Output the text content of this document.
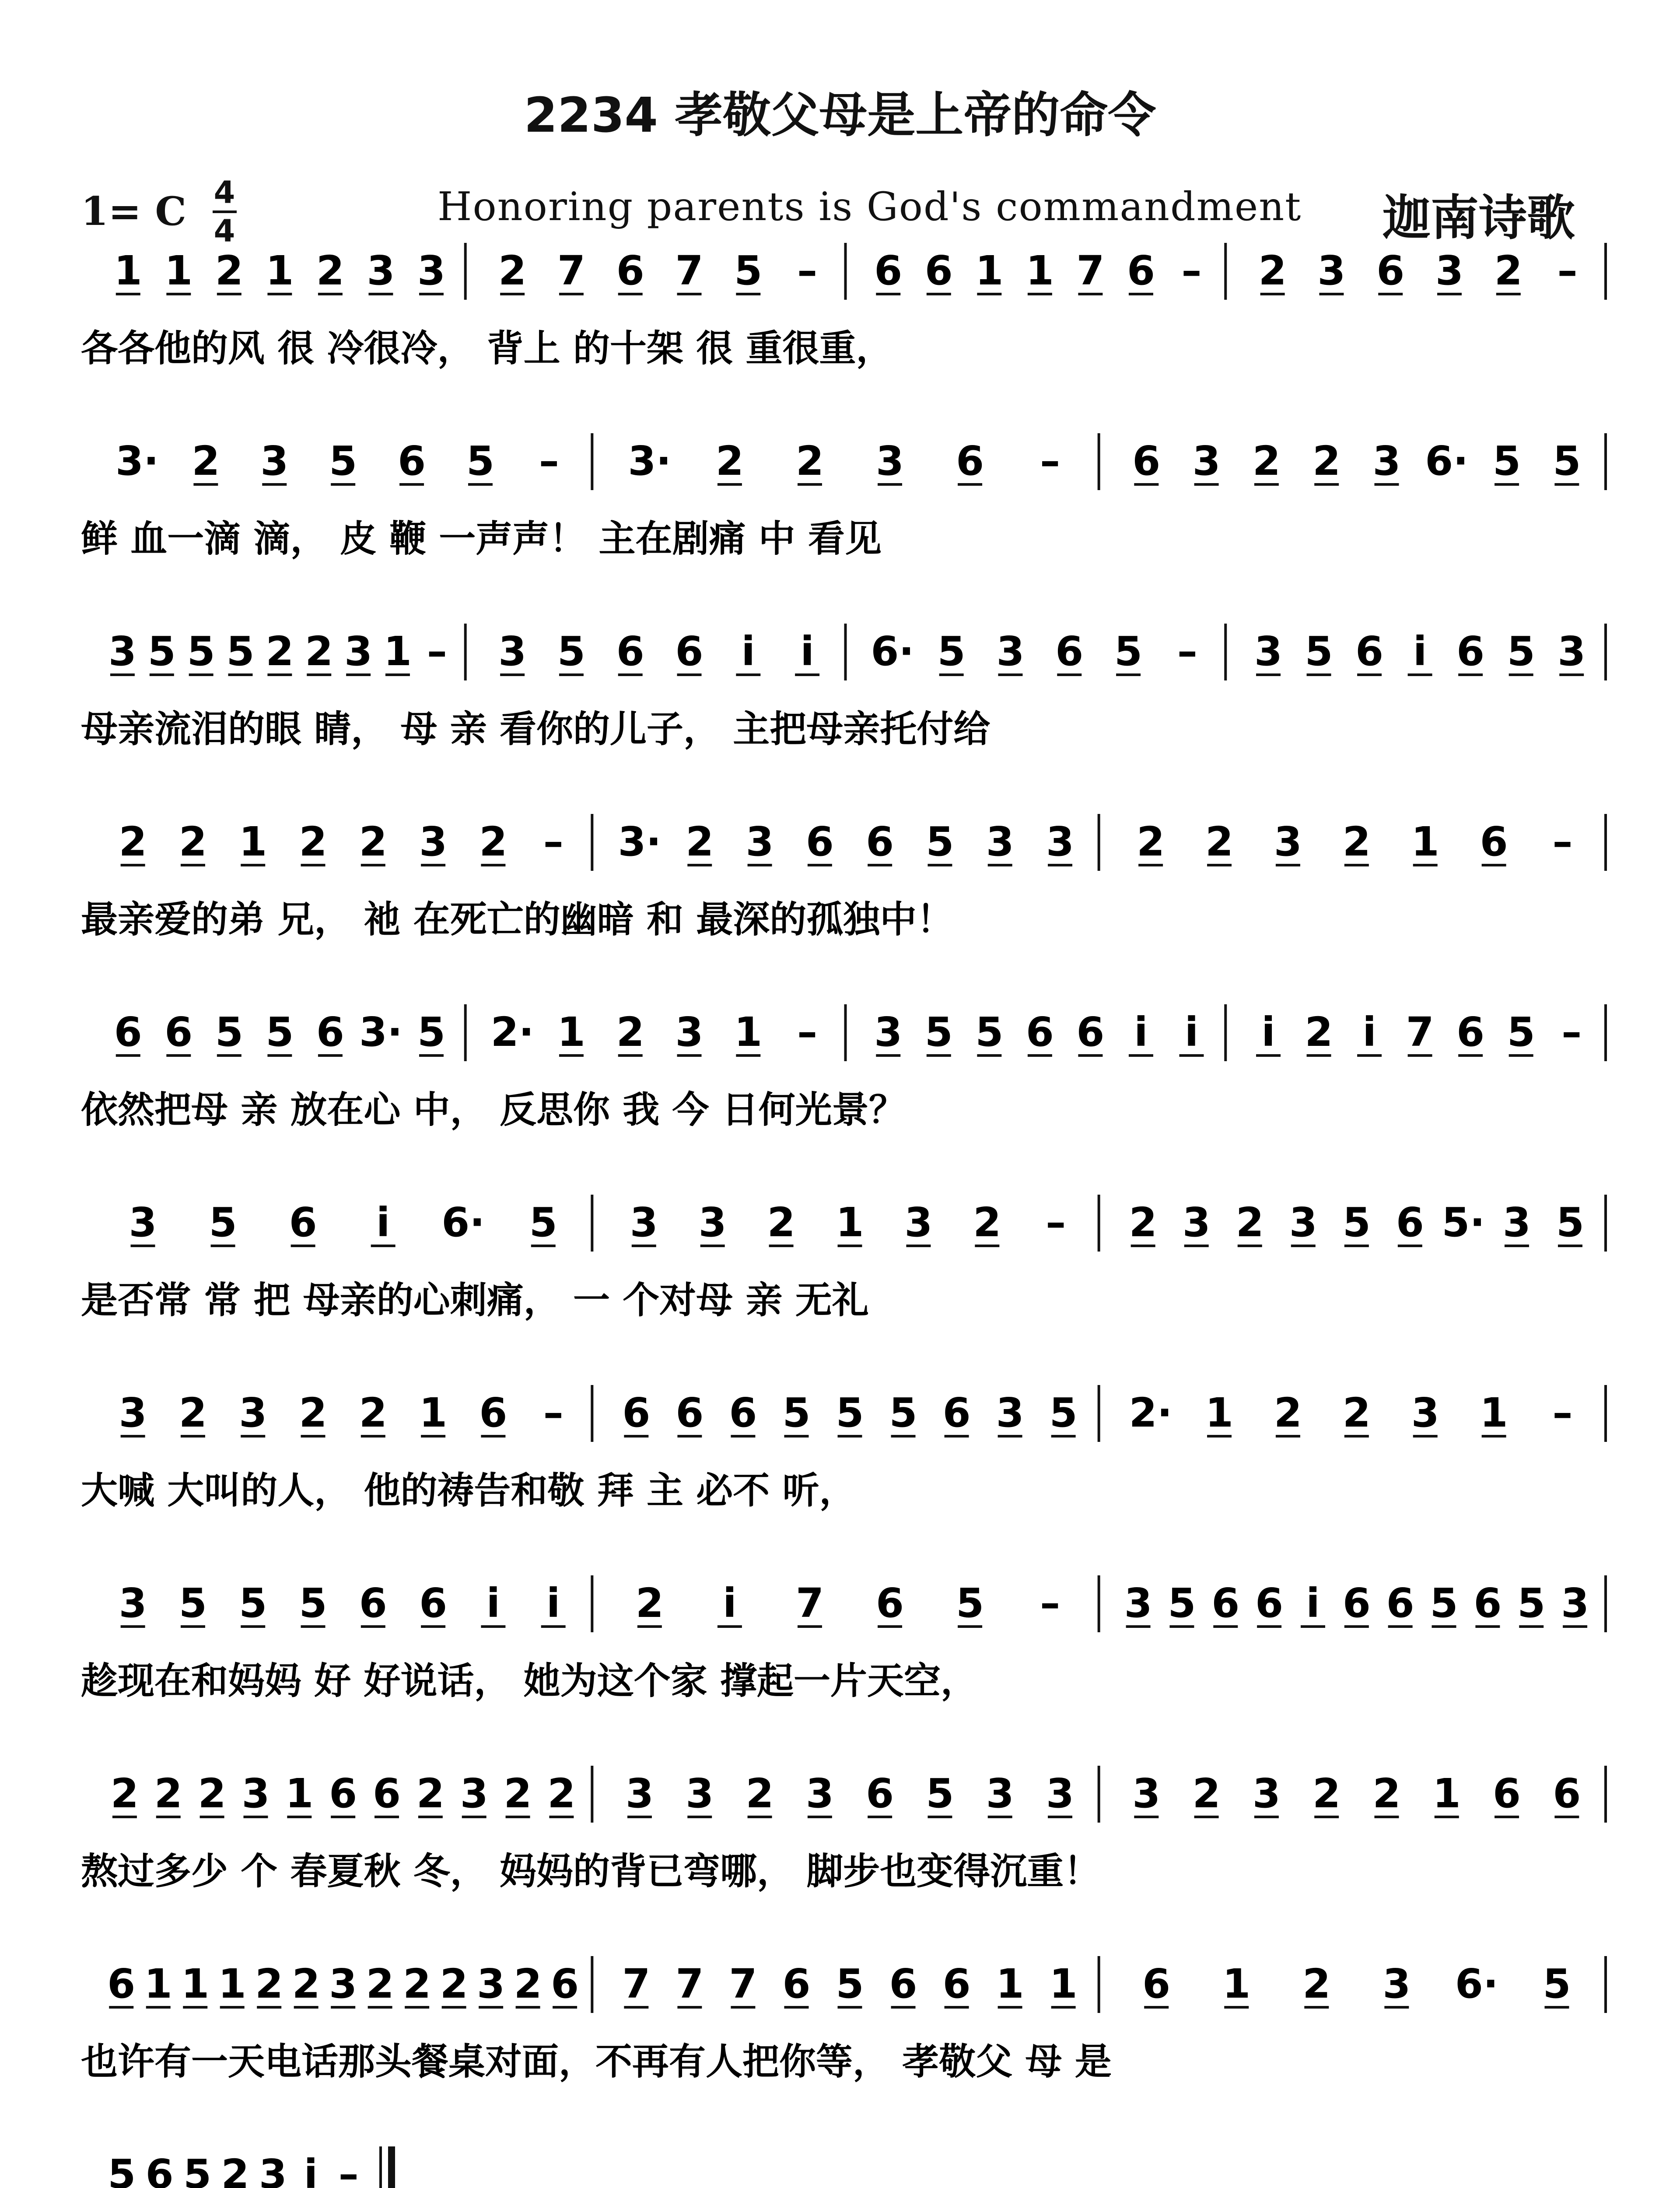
2234 孝敬父母是上帝的命令
1= C 4
4
Honoring parents is God's commandment 迦南诗歌
1 1 2 1 2 3 3 2 7 6 7 5 – 6 6 1 1 7 6 – 2 3 6 3 2 –
各各他的风 很 冷很冷， 背上 的十架 很 重很重，
3· 2 3 5 6 5 – 3· 2 2 3 6 – 6 3 2 2 3 6· 5 5
鲜 血一滴 滴， 皮 鞭 一声声！ 主在剧痛 中 看见
3 5 5 5 2 2 3 1 – 3 5 6 6 i i 6· 5 3 6 5 – 3 5 6 i 6 5 3
母亲流泪的眼 睛， 母 亲 看你的儿子， 主把母亲托付给
2 2 1 2 2 3 2 – 3· 2 3 6 6 5 3 3 2 2 3 2 1 6 –
最亲爱的弟 兄， 祂 在死亡的幽暗 和 最深的孤独中！
6 6 5 5 6 3· 5 2· 1 2 3 1 – 3 5 5 6 6 i i i 2 i 7 6 5 –
依然把母 亲 放在心 中， 反思你 我 今 日何光景？
3 5 6 i 6· 5 3 3 2 1 3 2 – 2 3 2 3 5 6 5· 3 5
是否常 常 把 母亲的心刺痛， 一 个对母 亲 无礼
3 2 3 2 2 1 6 – 6 6 6 5 5 5 6 3 5 2· 1 2 2 3 1 –
大喊 大叫的人， 他的祷告和敬 拜 主 必不 听，
3 5 5 5 6 6 i i 2 i 7 6 5 – 3 5 6 6 i 6 6 5 6 5 3
趁现在和妈妈 好 好说话， 她为这个家 撑起一片天空，
2 2 2 3 1 6 6 2 3 2 2 3 3 2 3 6 5 3 3 3 2 3 2 2 1 6 6
熬过多少 个 春夏秋 冬， 妈妈的背已弯哪， 脚步也变得沉重！
6 1 1 1 2 2 3 2 2 2 3 2 6 7 7 7 6 5 6 6 1 1 6 1 2 3 6· 5
也许有一天电话那头餐桌对面，不再有人把你等， 孝敬父 母 是
5 6 5 2 3 i –
